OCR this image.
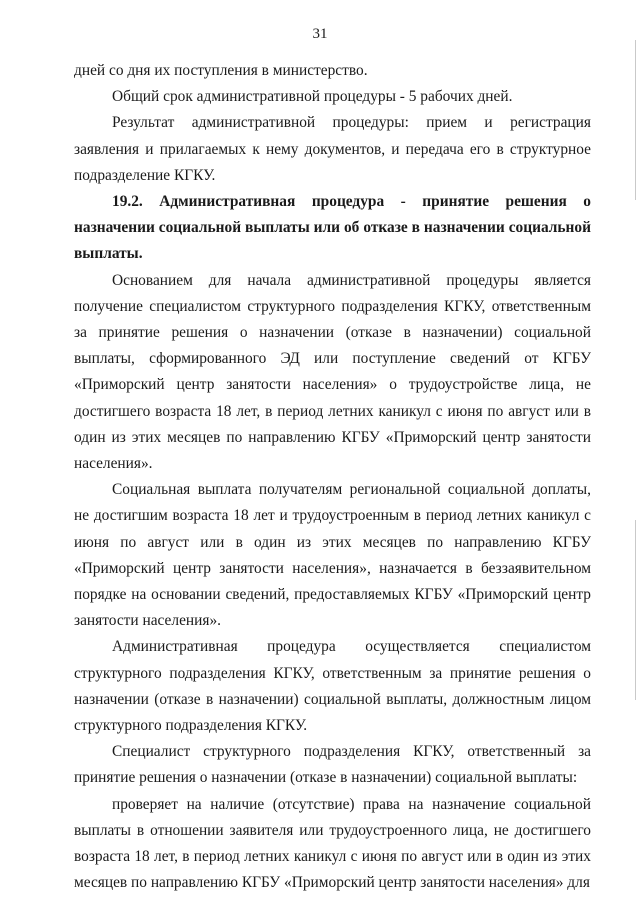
31

дней со дня их поступления в министерство.

Общий срок административной процедуры - 5 рабочих дней.

Результат административной процедуры: прием и регистрация заявления и прилагаемых к нему документов, и передача его в структурное подразделение КГКУ.

19.2. Административная процедура - принятие решения о назначении социальной выплаты или об отказе в назначении социальной выплаты.

Основанием для начала административной процедуры является получение специалистом структурного подразделения КГКУ, ответственным за принятие решения о назначении (отказе в назначении) социальной выплаты, сформированного ЭД или поступление сведений от КГБУ «Приморский центр занятости населения» о трудоустройстве лица, не достигшего возраста 18 лет, в период летних каникул с июня по август или в один из этих месяцев по направлению КГБУ «Приморский центр занятости населения».

Социальная выплата получателям региональной социальной доплаты, не достигшим возраста 18 лет и трудоустроенным в период летних каникул с июня по август или в один из этих месяцев по направлению КГБУ «Приморский центр занятости населения», назначается в беззаявительном порядке на основании сведений, предоставляемых КГБУ «Приморский центр занятости населения».

Административная процедура осуществляется специалистом структурного подразделения КГКУ, ответственным за принятие решения о назначении (отказе в назначении) социальной выплаты, должностным лицом структурного подразделения КГКУ.

Специалист структурного подразделения КГКУ, ответственный за принятие решения о назначении (отказе в назначении) социальной выплаты:

проверяет на наличие (отсутствие) права на назначение социальной выплаты в отношении заявителя или трудоустроенного лица, не достигшего возраста 18 лет, в период летних каникул с июня по август или в один из этих месяцев по направлению КГБУ «Приморский центр занятости населения» для
